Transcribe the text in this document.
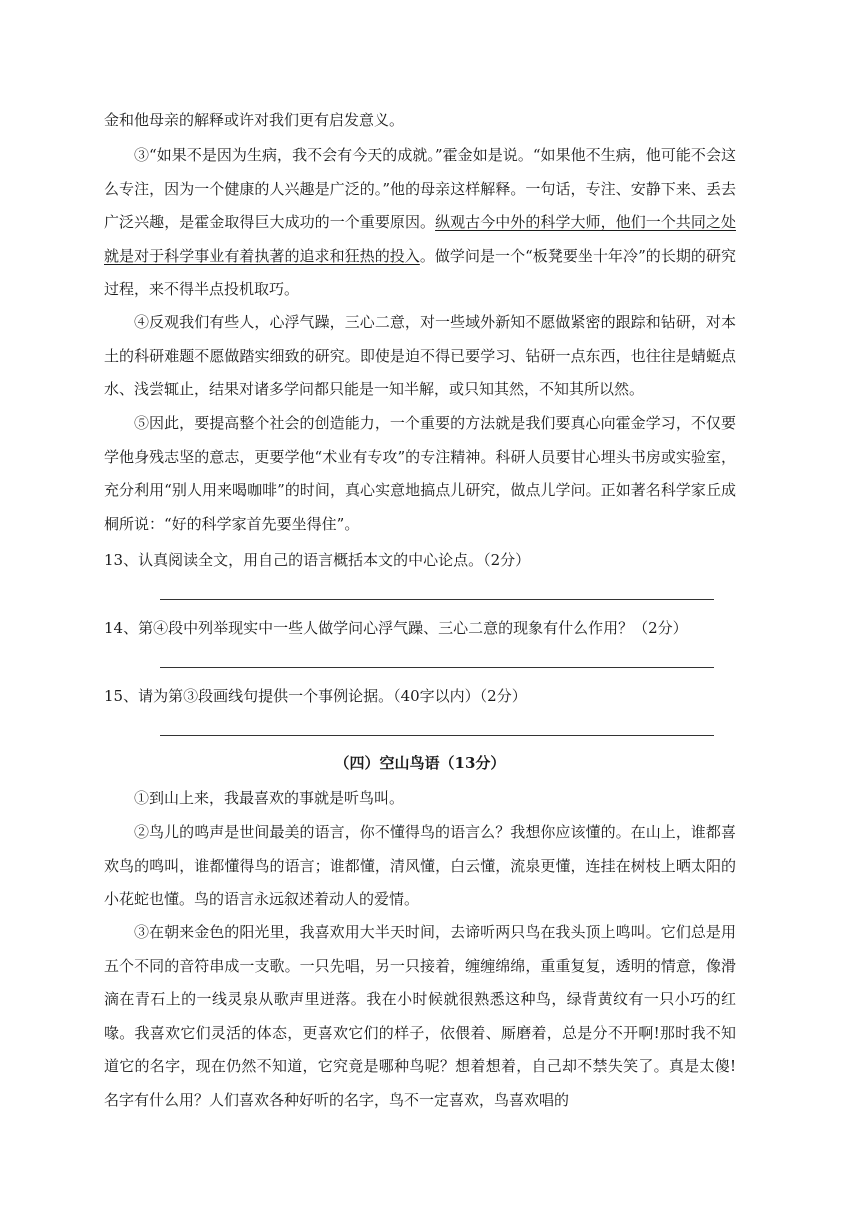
金和他母亲的解释或许对我们更有启发意义。

③“如果不是因为生病，我不会有今天的成就。”霍金如是说。“如果他不生病，他可能不会这么专注，因为一个健康的人兴趣是广泛的。”他的母亲这样解释。一句话，专注、安静下来、丢去广泛兴趣，是霍金取得巨大成功的一个重要原因。纵观古今中外的科学大师，他们一个共同之处就是对于科学事业有着执著的追求和狂热的投入。做学问是一个“板凳要坐十年冷”的长期的研究过程，来不得半点投机取巧。

④反观我们有些人，心浮气躁，三心二意，对一些域外新知不愿做紧密的跟踪和钻研，对本土的科研难题不愿做踏实细致的研究。即使是迫不得已要学习、钻研一点东西，也往往是蜻蜓点水、浅尝辄止，结果对诸多学问都只能是一知半解，或只知其然，不知其所以然。

⑤因此，要提高整个社会的创造能力，一个重要的方法就是我们要真心向霍金学习，不仅要学他身残志坚的意志，更要学他“术业有专攻”的专注精神。科研人员要甘心埋头书房或实验室，充分利用“别人用来喝咖啡”的时间，真心实意地搞点儿研究，做点儿学问。正如著名科学家丘成桐所说：“好的科学家首先要坐得住”。

13、认真阅读全文，用自己的语言概括本文的中心论点。（2分）

14、第④段中列举现实中一些人做学问心浮气躁、三心二意的现象有什么作用？（2分）

15、请为第③段画线句提供一个事例论据。（40字以内）（2分）

（四）空山鸟语（13分）

①到山上来，我最喜欢的事就是听鸟叫。

②鸟儿的鸣声是世间最美的语言，你不懂得鸟的语言么？我想你应该懂的。在山上，谁都喜欢鸟的鸣叫，谁都懂得鸟的语言；谁都懂，清风懂，白云懂，流泉更懂，连挂在树枝上晒太阳的小花蛇也懂。鸟的语言永远叙述着动人的爱情。

③在朝来金色的阳光里，我喜欢用大半天时间，去谛听两只鸟在我头顶上鸣叫。它们总是用五个不同的音符串成一支歌。一只先唱，另一只接着，缠缠绵绵，重重复复，透明的情意，像滑滴在青石上的一线灵泉从歌声里迸落。我在小时候就很熟悉这种鸟，绿背黄纹有一只小巧的红喙。我喜欢它们灵活的体态，更喜欢它们的样子，依偎着、厮磨着，总是分不开啊!那时我不知道它的名字，现在仍然不知道，它究竟是哪种鸟呢？想着想着，自己却不禁失笑了。真是太傻!名字有什么用？人们喜欢各种好听的名字，鸟不一定喜欢，鸟喜欢唱的
